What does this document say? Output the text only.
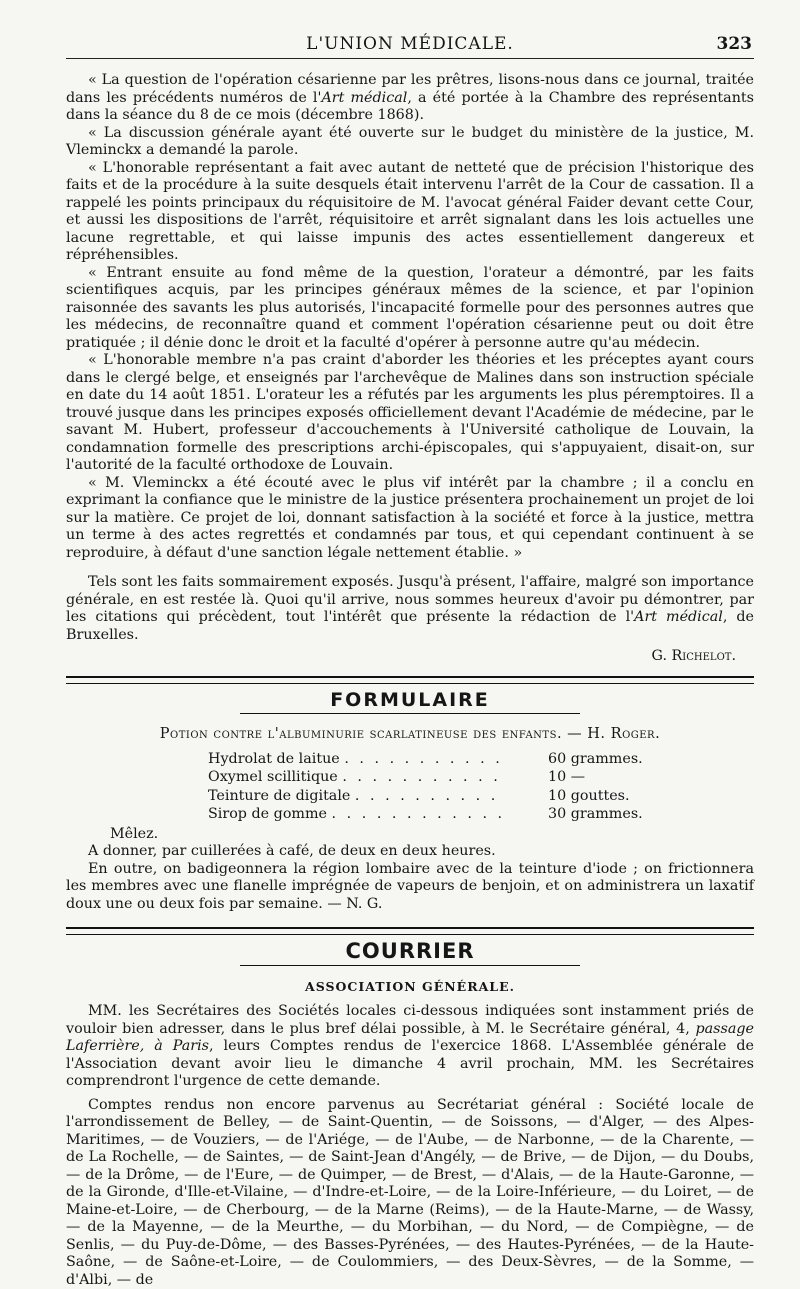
L'UNION MÉDICALE.	323

« La question de l'opération césarienne par les prêtres, lisons-nous dans ce journal, traitée dans les précédents numéros de l'Art médical, a été portée à la Chambre des représentants dans la séance du 8 de ce mois (décembre 1868).

« La discussion générale ayant été ouverte sur le budget du ministère de la justice, M. Vleminckx a demandé la parole.

« L'honorable représentant a fait avec autant de netteté que de précision l'historique des faits et de la procédure à la suite desquels était intervenu l'arrêt de la Cour de cassation. Il a rappelé les points principaux du réquisitoire de M. l'avocat général Faider devant cette Cour, et aussi les dispositions de l'arrêt, réquisitoire et arrêt signalant dans les lois actuelles une lacune regrettable, et qui laisse impunis des actes essentiellement dangereux et répréhensibles.

« Entrant ensuite au fond même de la question, l'orateur a démontré, par les faits scientifiques acquis, par les principes généraux mêmes de la science, et par l'opinion raisonnée des savants les plus autorisés, l'incapacité formelle pour des personnes autres que les médecins, de reconnaître quand et comment l'opération césarienne peut ou doit être pratiquée ; il dénie donc le droit et la faculté d'opérer à personne autre qu'au médecin.

« L'honorable membre n'a pas craint d'aborder les théories et les préceptes ayant cours dans le clergé belge, et enseignés par l'archevêque de Malines dans son instruction spéciale en date du 14 août 1851. L'orateur les a réfutés par les arguments les plus péremptoires. Il a trouvé jusque dans les principes exposés officiellement devant l'Académie de médecine, par le savant M. Hubert, professeur d'accouchements à l'Université catholique de Louvain, la condamnation formelle des prescriptions archi-épiscopales, qui s'appuyaient, disait-on, sur l'autorité de la faculté orthodoxe de Louvain.

« M. Vleminckx a été écouté avec le plus vif intérêt par la chambre ; il a conclu en exprimant la confiance que le ministre de la justice présentera prochainement un projet de loi sur la matière. Ce projet de loi, donnant satisfaction à la société et force à la justice, mettra un terme à des actes regrettés et condamnés par tous, et qui cependant continuent à se reproduire, à défaut d'une sanction légale nettement établie. »

Tels sont les faits sommairement exposés. Jusqu'à présent, l'affaire, malgré son importance générale, en est restée là. Quoi qu'il arrive, nous sommes heureux d'avoir pu démontrer, par les citations qui précèdent, tout l'intérêt que présente la rédaction de l'Art médical, de Bruxelles.

G. Richelot.
FORMULAIRE
Potion contre l'albuminurie scarlatineuse des enfants. — H. Roger.
Hydrolat de laitue . . . . . . . . . . .	60 grammes.
Oxymel scillitique . . . . . . . . . . .	10 —
Teinture de digitale . . . . . . . . . .	10 gouttes.
Sirop de gomme . . . . . . . . . . . .	30 grammes.

Mêlez.

A donner, par cuillerées à café, de deux en deux heures.

En outre, on badigeonnera la région lombaire avec de la teinture d'iode ; on frictionnera les membres avec une flanelle imprégnée de vapeurs de benjoin, et on administrera un laxatif doux une ou deux fois par semaine. — N. G.

COURRIER
ASSOCIATION GÉNÉRALE.

MM. les Secrétaires des Sociétés locales ci-dessous indiquées sont instamment priés de vouloir bien adresser, dans le plus bref délai possible, à M. le Secrétaire général, 4, passage Laferrière, à Paris, leurs Comptes rendus de l'exercice 1868. L'Assemblée générale de l'Association devant avoir lieu le dimanche 4 avril prochain, MM. les Secrétaires comprendront l'urgence de cette demande.

Comptes rendus non encore parvenus au Secrétariat général : Société locale de l'arrondissement de Belley, — de Saint-Quentin, — de Soissons, — d'Alger, — des Alpes-Maritimes, — de Vouziers, — de l'Ariége, — de l'Aube, — de Narbonne, — de la Charente, — de La Rochelle, — de Saintes, — de Saint-Jean d'Angély, — de Brive, — de Dijon, — du Doubs, — de la Drôme, — de l'Eure, — de Quimper, — de Brest, — d'Alais, — de la Haute-Garonne, — de la Gironde, d'Ille-et-Vilaine, — d'Indre-et-Loire, — de la Loire-Inférieure, — du Loiret, — de Maine-et-Loire, — de Cherbourg, — de la Marne (Reims), — de la Haute-Marne, — de Wassy, — de la Mayenne, — de la Meurthe, — du Morbihan, — du Nord, — de Compiègne, — de Senlis, — du Puy-de-Dôme, — des Basses-Pyrénées, — des Hautes-Pyrénées, — de la Haute-Saône, — de Saône-et-Loire, — de Coulommiers, — des Deux-Sèvres, — de la Somme, — d'Albi, — de
